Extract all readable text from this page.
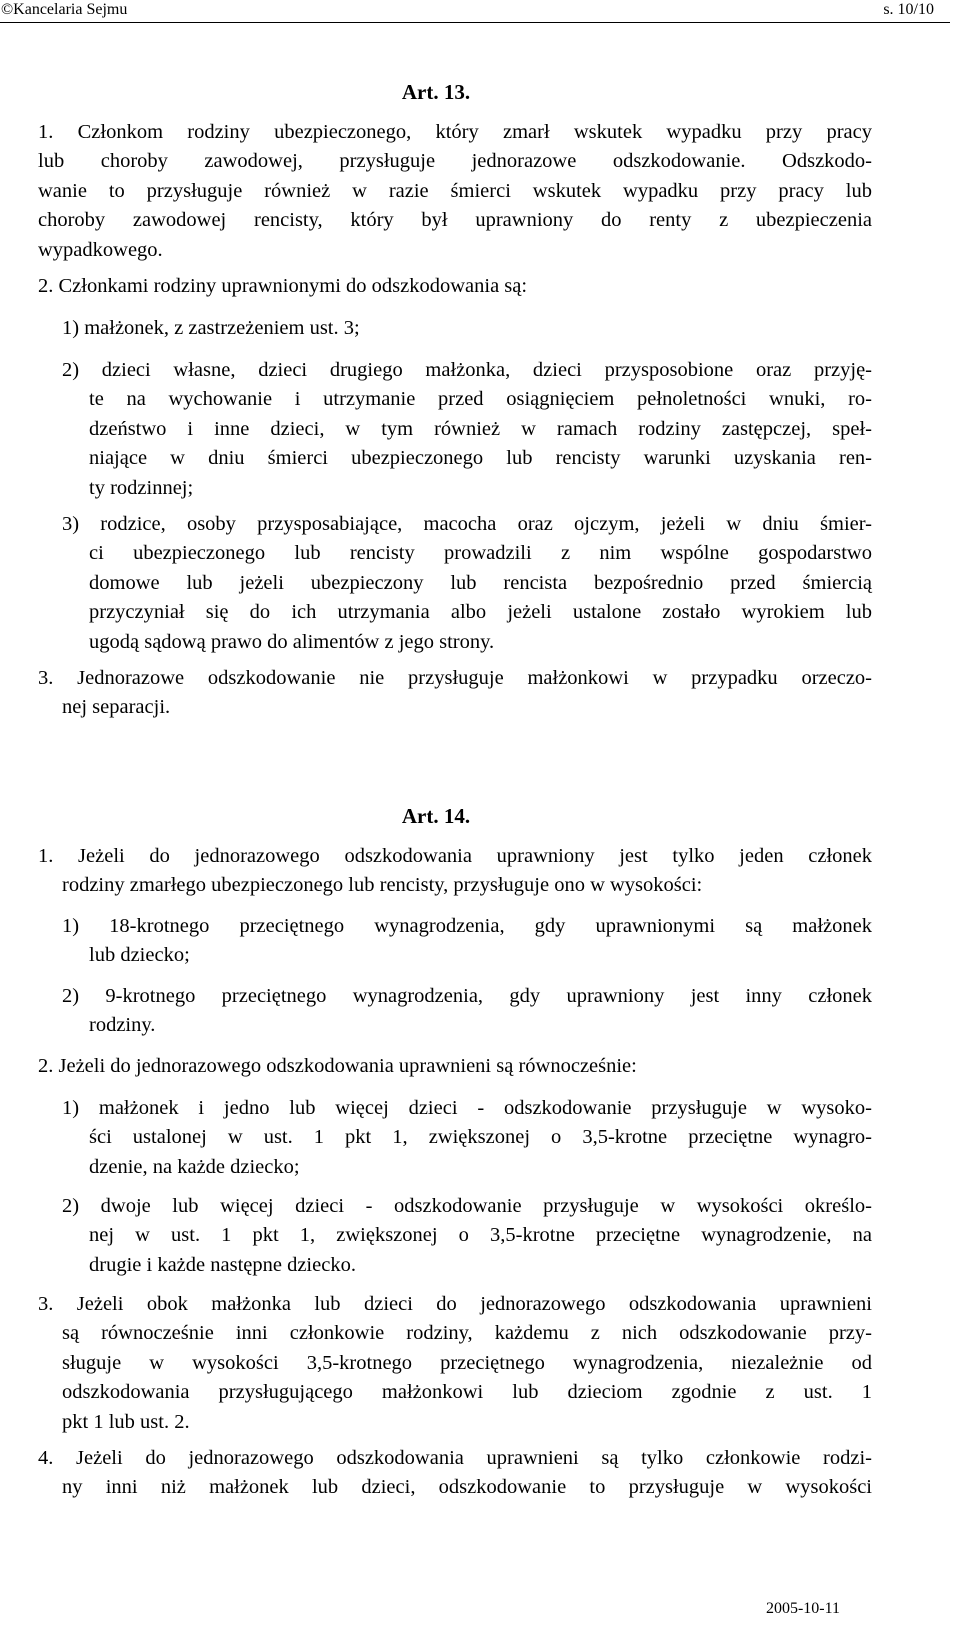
©Kancelaria Sejmu	s. 10/10
Art. 13.
1. Członkom rodziny ubezpieczonego, który zmarł wskutek wypadku przy pracy
lub choroby zawodowej, przysługuje jednorazowe odszkodowanie. Odszkodo-
wanie to przysługuje również w razie śmierci wskutek wypadku przy pracy lub
choroby zawodowej rencisty, który był uprawniony do renty z ubezpieczenia
wypadkowego.
2. Członkami rodziny uprawnionymi do odszkodowania są:
1) małżonek, z zastrzeżeniem ust. 3;
2) dzieci własne, dzieci drugiego małżonka, dzieci przysposobione oraz przyję-
te na wychowanie i utrzymanie przed osiągnięciem pełnoletności wnuki, ro-
dzeństwo i inne dzieci, w tym również w ramach rodziny zastępczej, speł-
niające w dniu śmierci ubezpieczonego lub rencisty warunki uzyskania ren-
ty rodzinnej;
3) rodzice, osoby przysposabiające, macocha oraz ojczym, jeżeli w dniu śmier-
ci ubezpieczonego lub rencisty prowadzili z nim wspólne gospodarstwo
domowe lub jeżeli ubezpieczony lub rencista bezpośrednio przed śmiercią
przyczyniał się do ich utrzymania albo jeżeli ustalone zostało wyrokiem lub
ugodą sądową prawo do alimentów z jego strony.
3. Jednorazowe odszkodowanie nie przysługuje małżonkowi w przypadku orzeczo-
nej separacji.
Art. 14.
1. Jeżeli do jednorazowego odszkodowania uprawniony jest tylko jeden członek
rodziny zmarłego ubezpieczonego lub rencisty, przysługuje ono w wysokości:
1) 18-krotnego przeciętnego wynagrodzenia, gdy uprawnionymi są małżonek
lub dziecko;
2) 9-krotnego przeciętnego wynagrodzenia, gdy uprawniony jest inny członek
rodziny.
2. Jeżeli do jednorazowego odszkodowania uprawnieni są równocześnie:
1) małżonek i jedno lub więcej dzieci - odszkodowanie przysługuje w wysoko-
ści ustalonej w ust. 1 pkt 1, zwiększonej o 3,5-krotne przeciętne wynagro-
dzenie, na każde dziecko;
2) dwoje lub więcej dzieci - odszkodowanie przysługuje w wysokości określo-
nej w ust. 1 pkt 1, zwiększonej o 3,5-krotne przeciętne wynagrodzenie, na
drugie i każde następne dziecko.
3. Jeżeli obok małżonka lub dzieci do jednorazowego odszkodowania uprawnieni
są równocześnie inni członkowie rodziny, każdemu z nich odszkodowanie przy-
sługuje w wysokości 3,5-krotnego przeciętnego wynagrodzenia, niezależnie od
odszkodowania przysługującego małżonkowi lub dzieciom zgodnie z ust. 1
pkt 1 lub ust. 2.
4. Jeżeli do jednorazowego odszkodowania uprawnieni są tylko członkowie rodzi-
ny inni niż małżonek lub dzieci, odszkodowanie to przysługuje w wysokości
2005-10-11
